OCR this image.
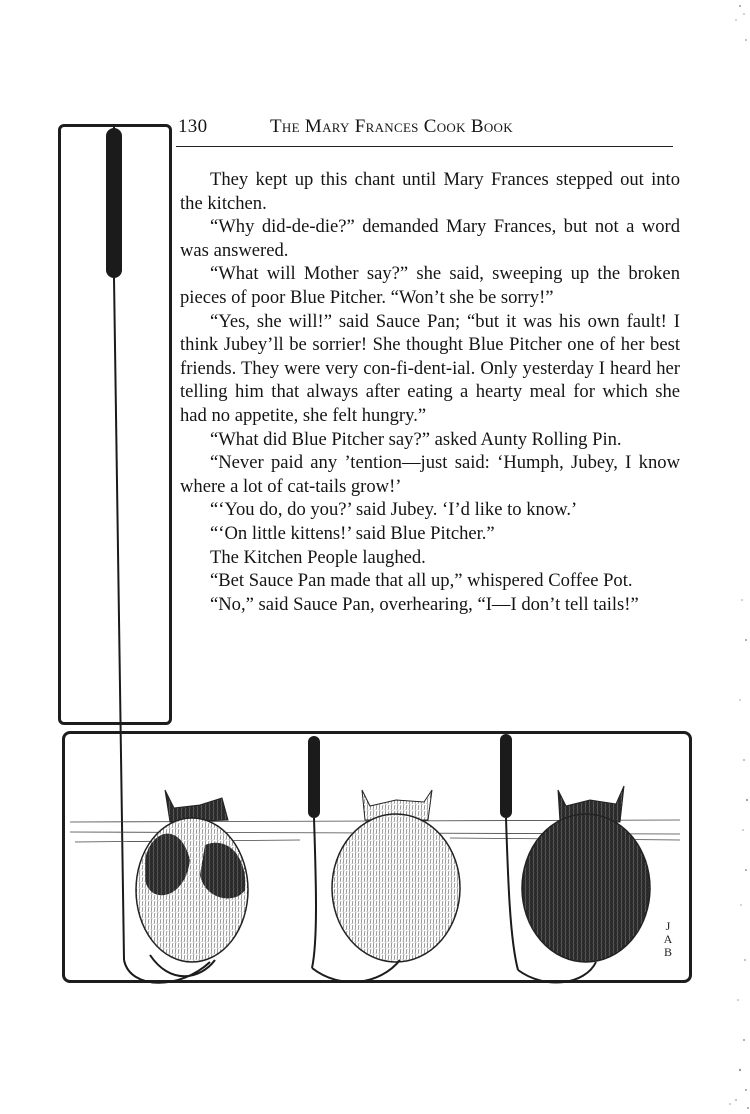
130	The Mary Frances Cook Book

They kept up this chant until Mary Frances stepped out into the kitchen.

“Why did-de-die?” demanded Mary Frances, but not a word was answered.

“What will Mother say?” she said, sweeping up the broken pieces of poor Blue Pitcher. “Won’t she be sorry!”

“Yes, she will!” said Sauce Pan; “but it was his own fault! I think Jubey’ll be sorrier! She thought Blue Pitcher one of her best friends. They were very con-fi-dent-ial. Only yesterday I heard her telling him that always after eating a hearty meal for which she had no appetite, she felt hungry.”

“What did Blue Pitcher say?” asked Aunty Rolling Pin.

“Never paid any ’tention—just said: ‘Humph, Jubey, I know where a lot of cat-tails grow!’

“‘You do, do you?’ said Jubey. ‘I’d like to know.’

“‘On little kittens!’ said Blue Pitcher.”

The Kitchen People laughed.

“Bet Sauce Pan made that all up,” whispered Coffee Pot.

“No,” said Sauce Pan, overhearing, “I—I don’t tell tails!”

J
A
B
